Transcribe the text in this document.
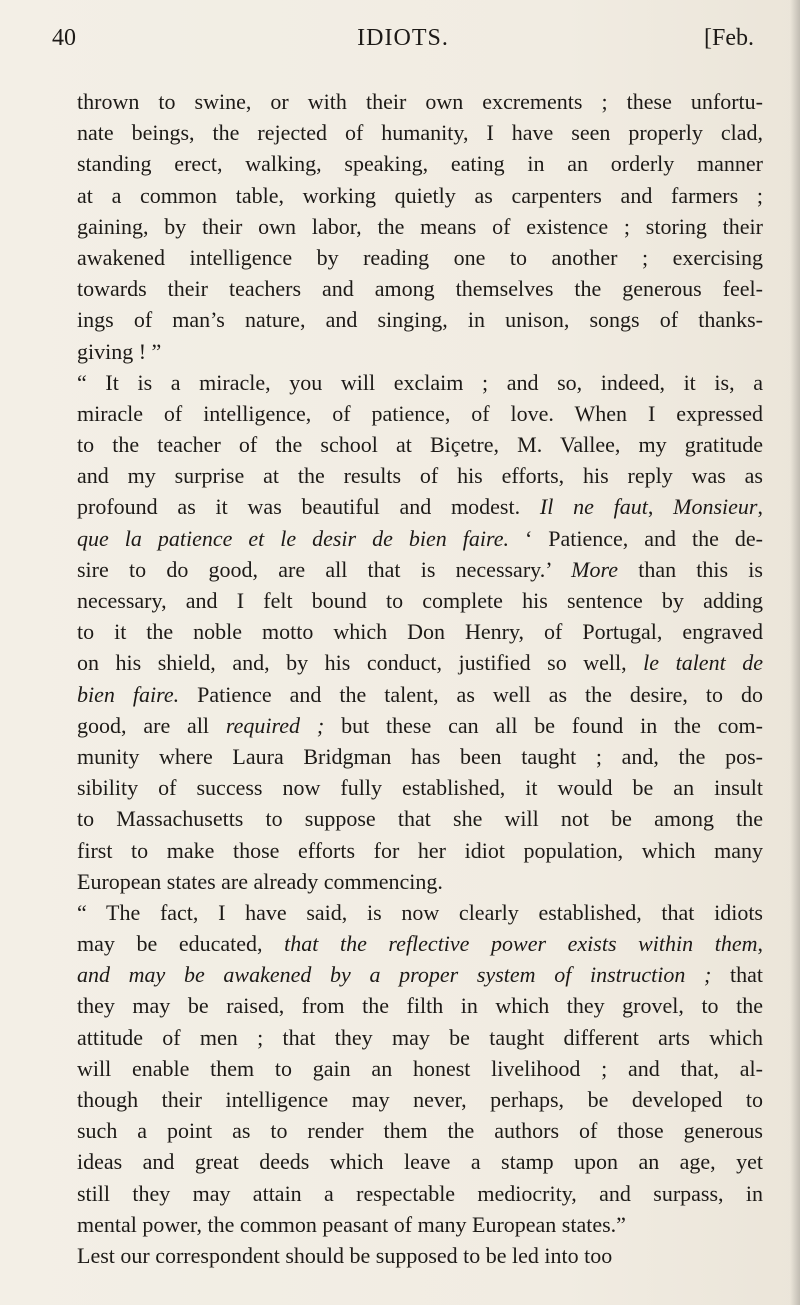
40	IDIOTS.	[Feb.
thrown to swine, or with their own excrements ; these unfortu-
nate beings, the rejected of humanity, I have seen properly clad,
standing erect, walking, speaking, eating in an orderly manner
at a common table, working quietly as carpenters and farmers ;
gaining, by their own labor, the means of existence ; storing their
awakened intelligence by reading one to another ; exercising
towards their teachers and among themselves the generous feel-
ings of man’s nature, and singing, in unison, songs of thanks-
giving ! ”
“ It is a miracle, you will exclaim ; and so, indeed, it is, a
miracle of intelligence, of patience, of love. When I expressed
to the teacher of the school at Biçetre, M. Vallee, my gratitude
and my surprise at the results of his efforts, his reply was as
profound as it was beautiful and modest. Il ne faut, Monsieur,
que la patience et le desir de bien faire. ‘ Patience, and the de-
sire to do good, are all that is necessary.’ More than this is
necessary, and I felt bound to complete his sentence by adding
to it the noble motto which Don Henry, of Portugal, engraved
on his shield, and, by his conduct, justified so well, le talent de
bien faire. Patience and the talent, as well as the desire, to do
good, are all required ; but these can all be found in the com-
munity where Laura Bridgman has been taught ; and, the pos-
sibility of success now fully established, it would be an insult
to Massachusetts to suppose that she will not be among the
first to make those efforts for her idiot population, which many
European states are already commencing.
“ The fact, I have said, is now clearly established, that idiots
may be educated, that the reflective power exists within them,
and may be awakened by a proper system of instruction ; that
they may be raised, from the filth in which they grovel, to the
attitude of men ; that they may be taught different arts which
will enable them to gain an honest livelihood ; and that, al-
though their intelligence may never, perhaps, be developed to
such a point as to render them the authors of those generous
ideas and great deeds which leave a stamp upon an age, yet
still they may attain a respectable mediocrity, and surpass, in
mental power, the common peasant of many European states.”
Lest our correspondent should be supposed to be led into too
